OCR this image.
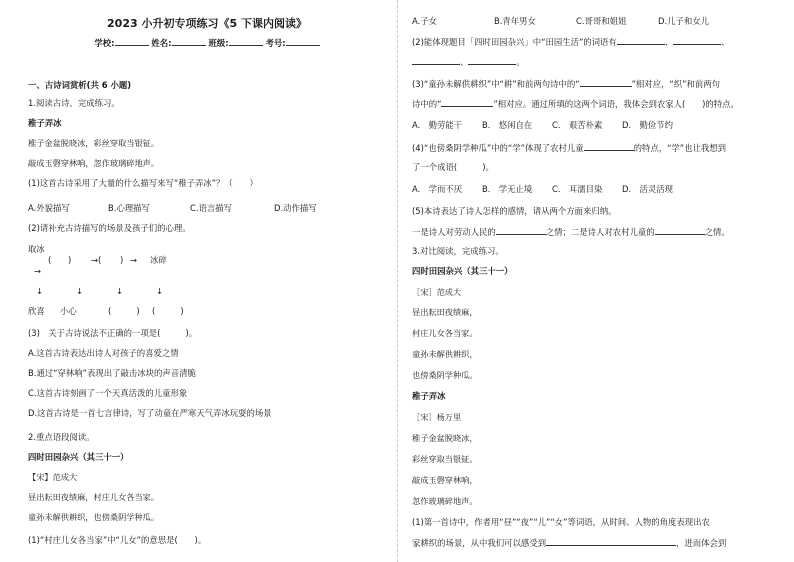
2023 小升初专项练习《5 下课内阅读》
学校:	姓名:	班级:	考号:
一、古诗词赏析(共 6 小题)
1.阅读古诗，完成练习。
稚子弄冰
稚子金盆脱晓冰，彩丝穿取当银钲。
敲成玉磬穿林响，忽作玻璃碎地声。
(1)这首古诗采用了大量的什么描写来写“稚子弄冰”？（　　）
A.外貌描写	B.心理描写	C.语言描写	D.动作描写
(2)请补充古诗描写的场景及孩子们的心理。
取冰
(　　) →( ) → 冰碎
→
↓	↓	↓	↓
欣喜 小心	(　　　) (　　　)
(3)　关于古诗说法不正确的一项是(　　　)。
A.这首古诗表达出诗人对孩子的喜爱之情
B.通过“穿林响”表现出了敲击冰块的声音清脆
C.这首古诗刻画了一个天真活泼的儿童形象
D.这首古诗是一首七言律诗，写了动童在严寒天气弄冰玩耍的场景
2.重点语段阅读。
四时田园杂兴（其三十一）
【宋】范成大
昼出耘田夜绩麻，村庄儿女各当家。
童孙未解供耕织，也傍桑阴学种瓜。
(1)“村庄儿女各当家”中“儿女”的意思是(　　)。
A.子女	B.青年男女	C.哥哥和姐姐	D.儿子和女儿
(2)能体现题目「四时田园杂兴」中“田园生活”的词语有	、	、
、	。
(3)“童孙未解供耕织”中“耕”和前两句诗中的“	”相对应，“织”和前两句
诗中的“	”相对应。通过所填的这两个词语，我体会到农家人(　　)的特点。
A.　勤劳能干 B.　悠闲自在 C.　艰苦朴素 D.　勤俭节约
(4)“也傍桑阴学种瓜”中的“学”体现了农村儿童	的特点，“学”也让我想到
了一个成语(　　　)。
A.　学而不厌 B.　学无止境 C.　耳濡目染 D.　活灵活现
(5)本诗表达了诗人怎样的感情，请从两个方面来归纳。
一是诗人对劳动人民的	之情；二是诗人对农村儿童的	之情。
3.对比阅读，完成练习。
四时田园杂兴（其三十一）
［宋］范成大
昼出耘田夜绩麻，
村庄儿女各当家。
童孙未解供耕织，
也傍桑阴学种瓜。
稚子弄冰
［宋］杨万里
稚子金盆脱晓冰，
彩丝穿取当银钲。
敲成玉磬穿林响，
忽作玻璃碎地声。
(1)第一首诗中，作者用“昼”“夜”“儿”“女”等词语，从时间、人物的角度表现出农
家耕织的场景，从中我们可以感受到	，进而体会到
